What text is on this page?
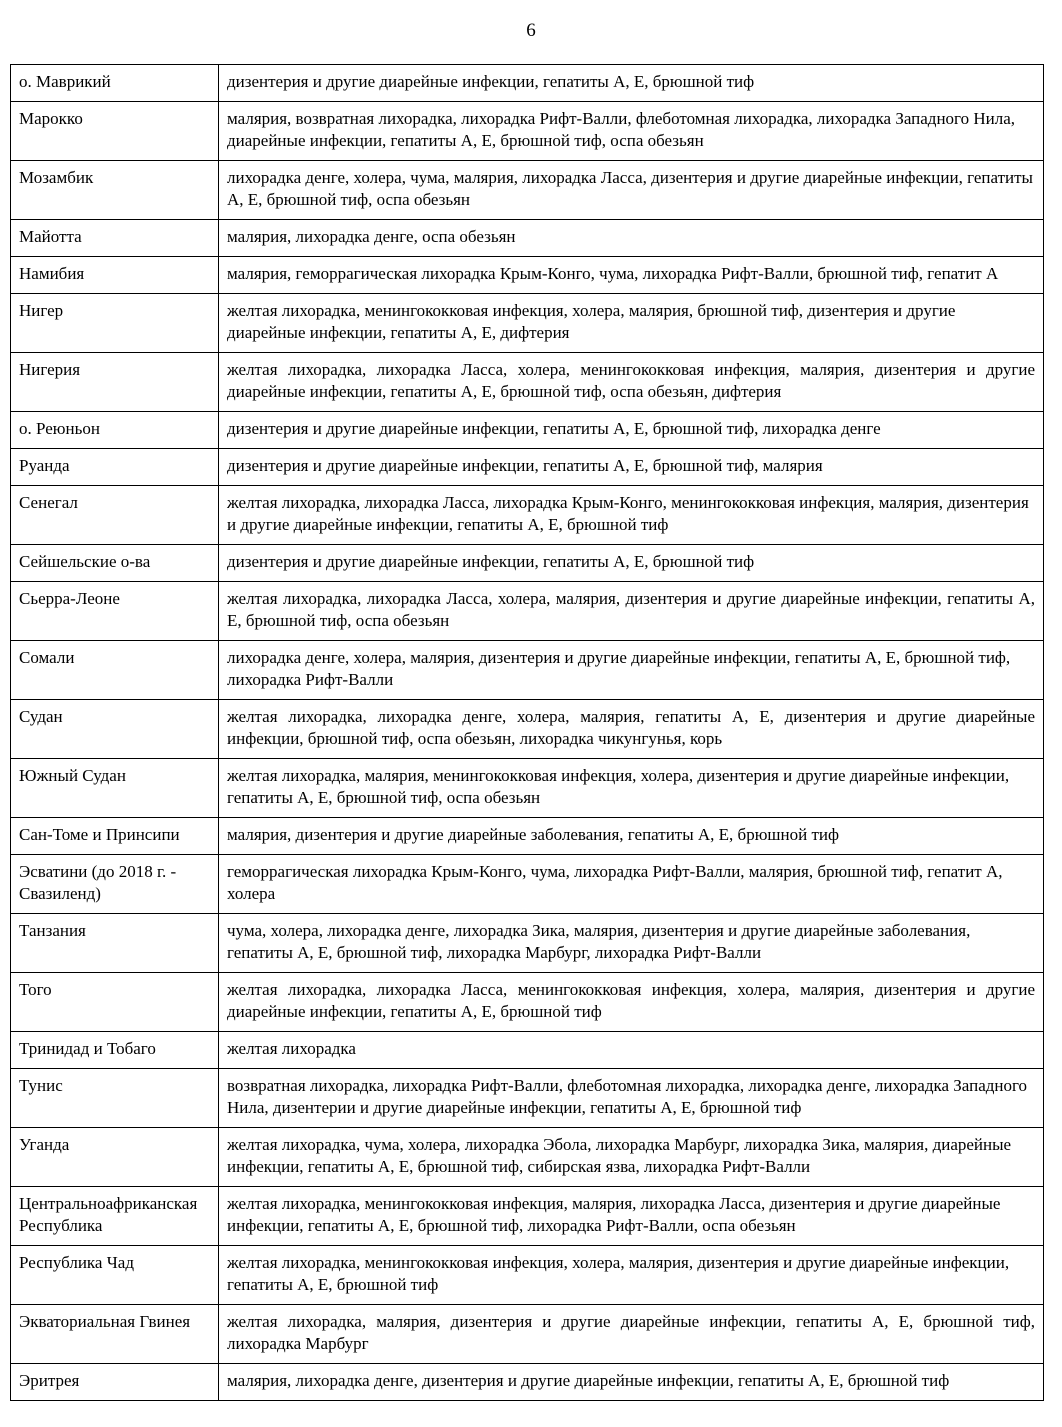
6
о. Маврикий	дизентерия и другие диарейные инфекции, гепатиты А, Е, брюшной тиф
Марокко	малярия, возвратная лихорадка, лихорадка Рифт-Валли, флеботомная лихорадка, лихорадка Западного Нила, диарейные инфекции, гепатиты А, Е, брюшной тиф, оспа обезьян
Мозамбик	лихорадка денге, холера, чума, малярия, лихорадка Ласса, дизентерия и другие диарейные инфекции, гепатиты А, Е, брюшной тиф, оспа обезьян
Майотта	малярия, лихорадка денге, оспа обезьян
Намибия	малярия, геморрагическая лихорадка Крым-Конго, чума, лихорадка Рифт-Валли, брюшной тиф, гепатит А
Нигер	желтая лихорадка, менингококковая инфекция, холера, малярия, брюшной тиф, дизентерия и другие диарейные инфекции, гепатиты А, Е, дифтерия
Нигерия	желтая лихорадка, лихорадка Ласса, холера, менингококковая инфекция, малярия, дизентерия и другие диарейные инфекции, гепатиты А, Е, брюшной тиф, оспа обезьян, дифтерия
о. Реюньон	дизентерия и другие диарейные инфекции, гепатиты А, Е, брюшной тиф, лихорадка денге
Руанда	дизентерия и другие диарейные инфекции, гепатиты А, Е, брюшной тиф, малярия
Сенегал	желтая лихорадка, лихорадка Ласса, лихорадка Крым-Конго, менингококковая инфекция, малярия, дизентерия и другие диарейные инфекции, гепатиты А, Е, брюшной тиф
Сейшельские о-ва	дизентерия и другие диарейные инфекции, гепатиты А, Е, брюшной тиф
Сьерра-Леоне	желтая лихорадка, лихорадка Ласса, холера, малярия, дизентерия и другие диарейные инфекции, гепатиты А, Е, брюшной тиф, оспа обезьян
Сомали	лихорадка денге, холера, малярия, дизентерия и другие диарейные инфекции, гепатиты А, Е, брюшной тиф, лихорадка Рифт-Валли
Судан	желтая лихорадка, лихорадка денге, холера, малярия, гепатиты А, Е, дизентерия и другие диарейные инфекции, брюшной тиф, оспа обезьян, лихорадка чикунгунья, корь
Южный Судан	желтая лихорадка, малярия, менингококковая инфекция, холера, дизентерия и другие диарейные инфекции, гепатиты А, Е, брюшной тиф, оспа обезьян
Сан-Томе и Принсипи	малярия, дизентерия и другие диарейные заболевания, гепатиты А, Е, брюшной тиф
Эсватини (до 2018 г. - Свазиленд)	геморрагическая лихорадка Крым-Конго, чума, лихорадка Рифт-Валли, малярия, брюшной тиф, гепатит А, холера
Танзания	чума, холера, лихорадка денге, лихорадка Зика, малярия, дизентерия и другие диарейные заболевания, гепатиты А, Е, брюшной тиф, лихорадка Марбург, лихорадка Рифт-Валли
Того	желтая лихорадка, лихорадка Ласса, менингококковая инфекция, холера, малярия, дизентерия и другие диарейные инфекции, гепатиты А, Е, брюшной тиф
Тринидад и Тобаго	желтая лихорадка
Тунис	возвратная лихорадка, лихорадка Рифт-Валли, флеботомная лихорадка, лихорадка денге, лихорадка Западного Нила, дизентерии и другие диарейные инфекции, гепатиты А, Е, брюшной тиф
Уганда	желтая лихорадка, чума, холера, лихорадка Эбола, лихорадка Марбург, лихорадка Зика, малярия, диарейные инфекции, гепатиты А, Е, брюшной тиф, сибирская язва, лихорадка Рифт-Валли
Центральноафриканская Республика	желтая лихорадка, менингококковая инфекция, малярия, лихорадка Ласса, дизентерия и другие диарейные инфекции, гепатиты А, Е, брюшной тиф, лихорадка Рифт-Валли, оспа обезьян
Республика Чад	желтая лихорадка, менингококковая инфекция, холера, малярия, дизентерия и другие диарейные инфекции, гепатиты А, Е, брюшной тиф
Экваториальная Гвинея	желтая лихорадка, малярия, дизентерия и другие диарейные инфекции, гепатиты А, Е, брюшной тиф, лихорадка Марбург
Эритрея	малярия, лихорадка денге, дизентерия и другие диарейные инфекции, гепатиты А, Е, брюшной тиф
